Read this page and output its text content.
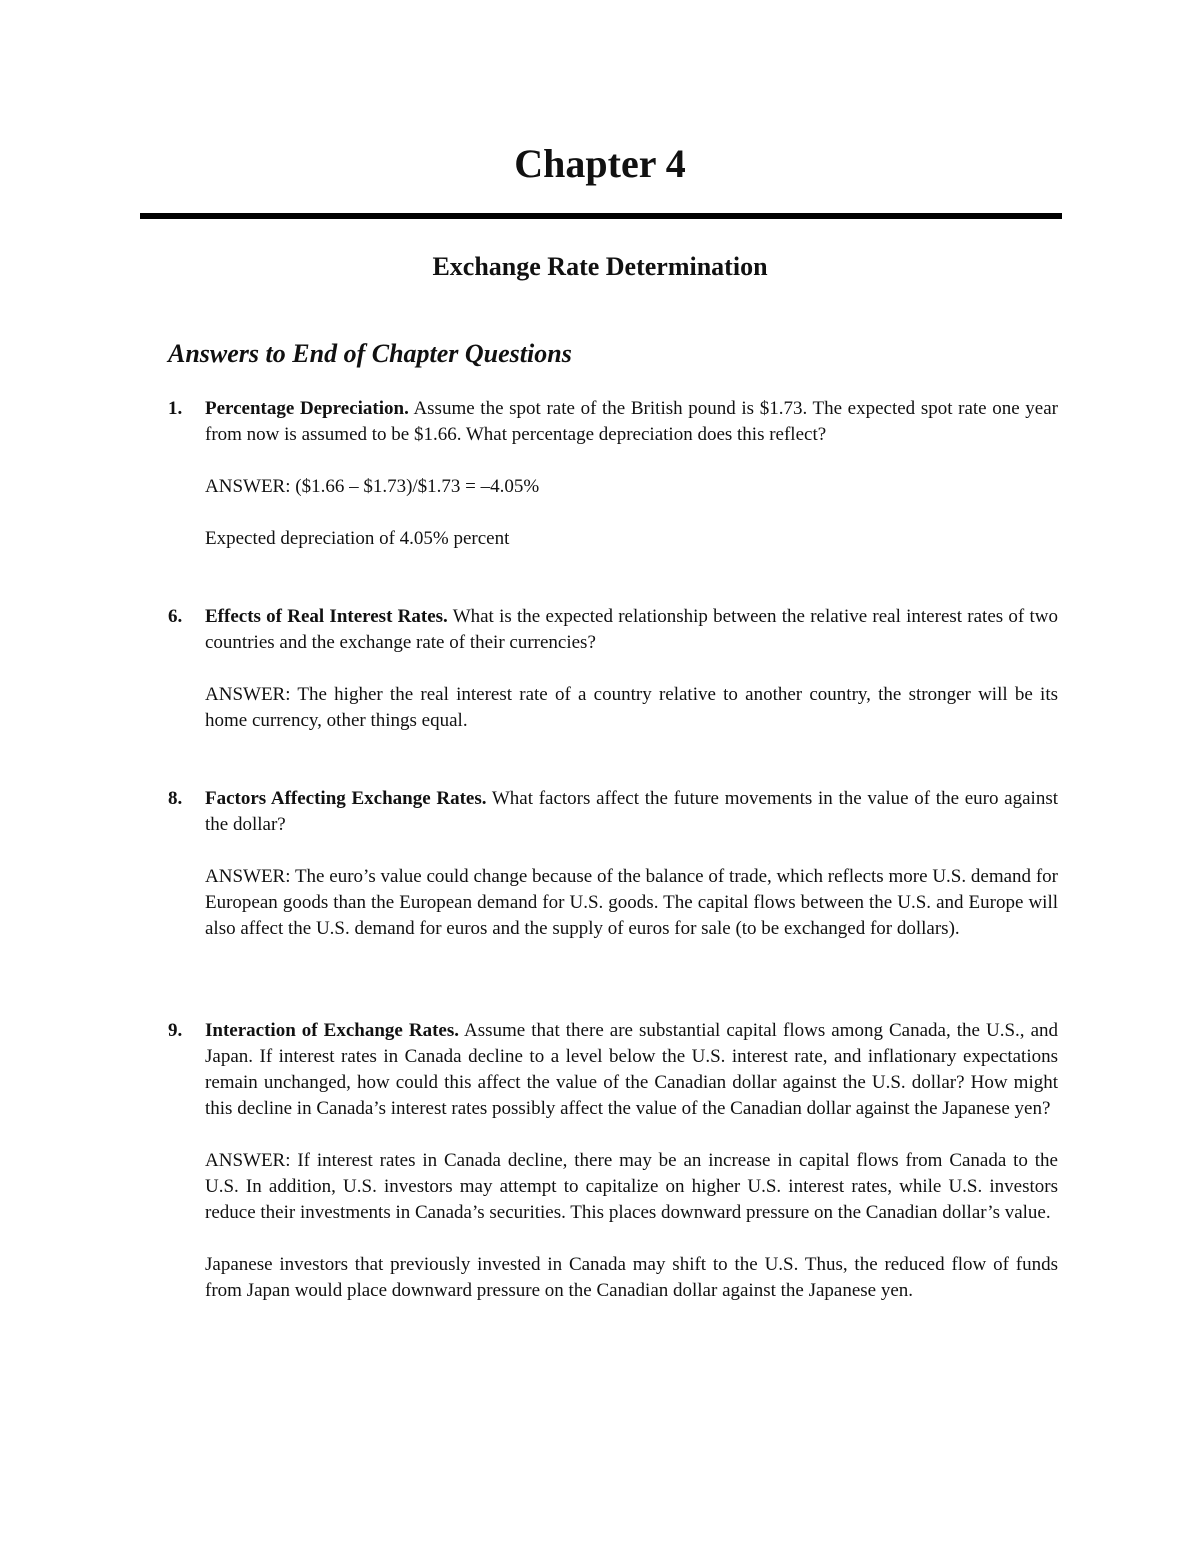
Chapter 4
Exchange Rate Determination
Answers to End of Chapter Questions
1. Percentage Depreciation. Assume the spot rate of the British pound is $1.73. The expected spot rate one year from now is assumed to be $1.66. What percentage depreciation does this reflect?

ANSWER: ($1.66 – $1.73)/$1.73 = –4.05%

Expected depreciation of 4.05% percent

6. Effects of Real Interest Rates. What is the expected relationship between the relative real interest rates of two countries and the exchange rate of their currencies?

ANSWER: The higher the real interest rate of a country relative to another country, the stronger will be its home currency, other things equal.

8. Factors Affecting Exchange Rates. What factors affect the future movements in the value of the euro against the dollar?

ANSWER: The euro’s value could change because of the balance of trade, which reflects more U.S. demand for European goods than the European demand for U.S. goods. The capital flows between the U.S. and Europe will also affect the U.S. demand for euros and the supply of euros for sale (to be exchanged for dollars).

9. Interaction of Exchange Rates. Assume that there are substantial capital flows among Canada, the U.S., and Japan. If interest rates in Canada decline to a level below the U.S. interest rate, and inflationary expectations remain unchanged, how could this affect the value of the Canadian dollar against the U.S. dollar? How might this decline in Canada’s interest rates possibly affect the value of the Canadian dollar against the Japanese yen?

ANSWER: If interest rates in Canada decline, there may be an increase in capital flows from Canada to the U.S. In addition, U.S. investors may attempt to capitalize on higher U.S. interest rates, while U.S. investors reduce their investments in Canada’s securities. This places downward pressure on the Canadian dollar’s value.

Japanese investors that previously invested in Canada may shift to the U.S. Thus, the reduced flow of funds from Japan would place downward pressure on the Canadian dollar against the Japanese yen.
